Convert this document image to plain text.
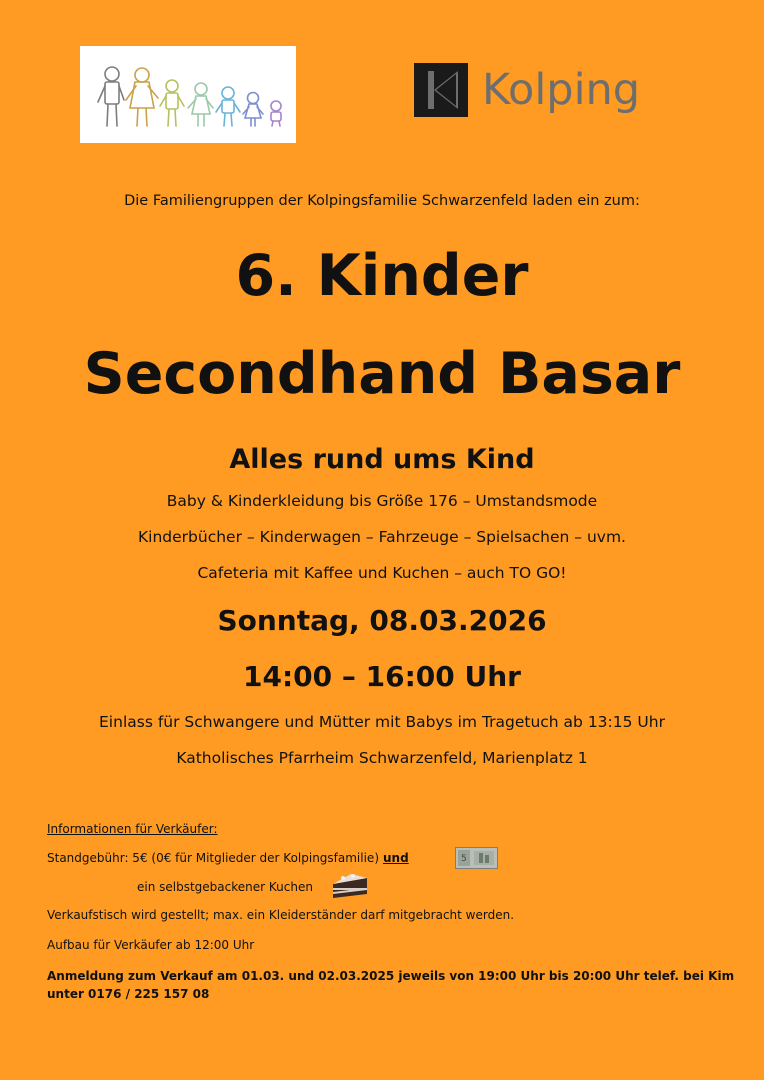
Kolping
Die Familiengruppen der Kolpingsfamilie Schwarzenfeld laden ein zum:
6. Kinder
Secondhand Basar
Alles rund ums Kind
Baby & Kinderkleidung bis Größe 176 – Umstandsmode
Kinderbücher – Kinderwagen – Fahrzeuge – Spielsachen – uvm.
Cafeteria mit Kaffee und Kuchen – auch TO GO!
Sonntag, 08.03.2026
14:00 – 16:00 Uhr
Einlass für Schwangere und Mütter mit Babys im Tragetuch ab 13:15 Uhr
Katholisches Pfarrheim Schwarzenfeld, Marienplatz 1
Informationen für Verkäufer:
Standgebühr: 5€ (0€ für Mitglieder der Kolpingsfamilie) und	5
ein selbstgebackener Kuchen
Verkaufstisch wird gestellt; max. ein Kleiderständer darf mitgebracht werden.
Aufbau für Verkäufer ab 12:00 Uhr
Anmeldung zum Verkauf am 01.03. und 02.03.2025 jeweils von 19:00 Uhr bis 20:00 Uhr telef. bei Kim
unter 0176 / 225 157 08
